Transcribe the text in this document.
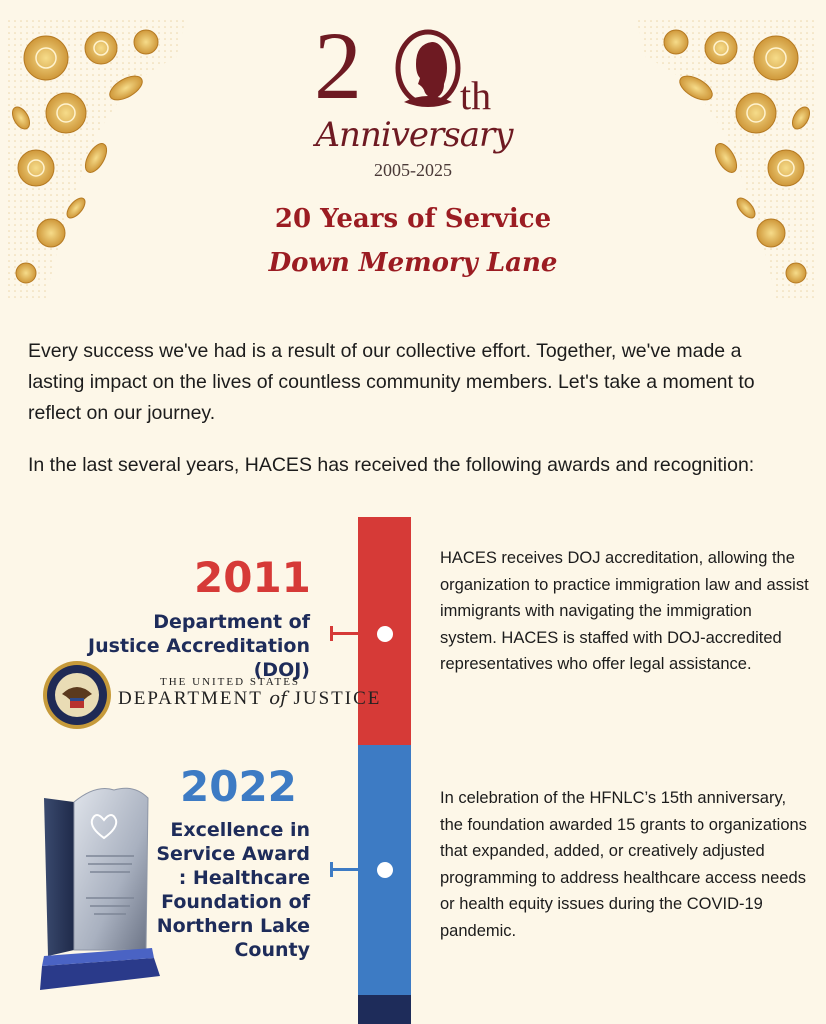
2	th
Anniversary
2005-2025
20 Years of Service
Down Memory Lane

Every success we've had is a result of our collective effort. Together, we've made a lasting impact on the lives of countless community members. Let's take a moment to reflect on our journey.

In the last several years, HACES has received the following awards and recognition:

2011
Department of Justice Accreditation (DOJ)
HACES receives DOJ accreditation, allowing the organization to practice immigration law and assist immigrants with navigating the immigration system. HACES is staffed with DOJ-accredited representatives who offer legal assistance.
THE UNITED STATES
DEPARTMENT of JUSTICE
2022
Excellence in Service Award : Healthcare Foundation of Northern Lake County
In celebration of the HFNLC’s 15th anniversary, the foundation awarded 15 grants to organizations that expanded, added, or creatively adjusted programming to address healthcare access needs or health equity issues during the COVID-19 pandemic.
